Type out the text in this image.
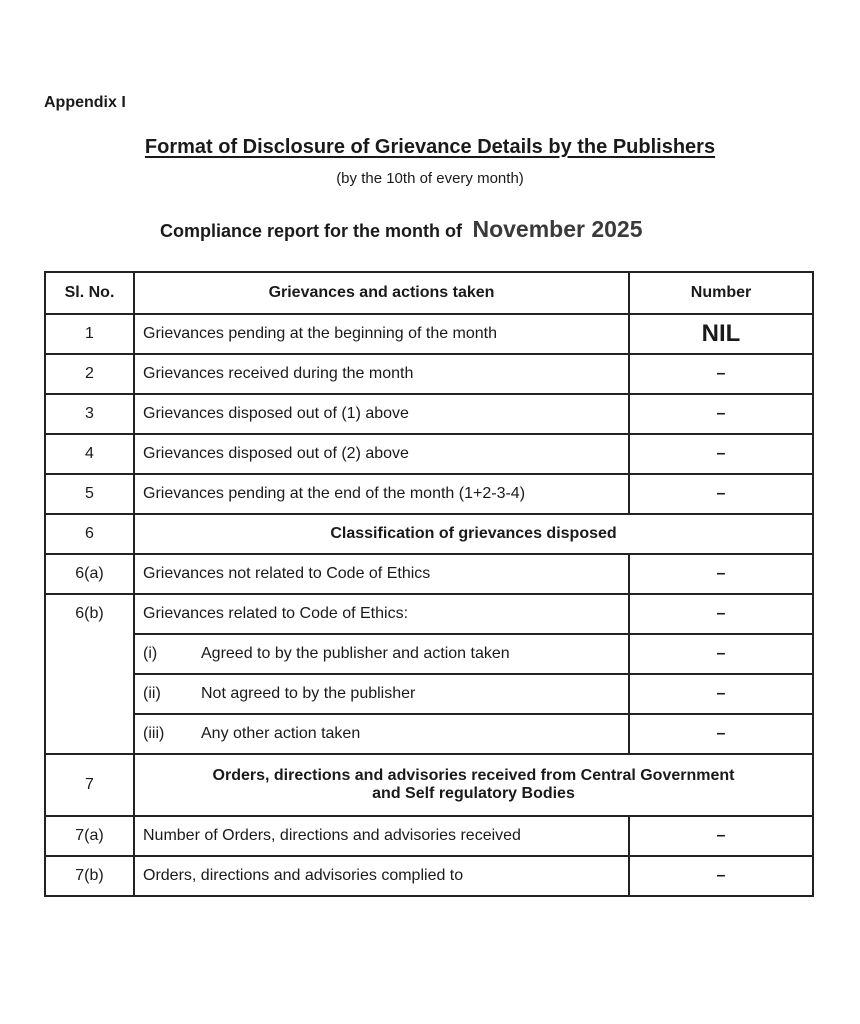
Appendix I
Format of Disclosure of Grievance Details by the Publishers
(by the 10th of every month)
Compliance report for the month of November 2025
Sl. No.	Grievances and actions taken	Number
1	Grievances pending at the beginning of the month	NIL
2	Grievances received during the month	–
3	Grievances disposed out of (1) above	–
4	Grievances disposed out of (2) above	–
5	Grievances pending at the end of the month (1+2-3-4)	–
6	Classification of grievances disposed	
6(a)	Grievances not related to Code of Ethics	–
6(b)	Grievances related to Code of Ethics:	–
	(i) Agreed to by the publisher and action taken	–
	(ii) Not agreed to by the publisher	–
	(iii) Any other action taken	–
7	Orders, directions and advisories received from Central Government
and Self regulatory Bodies	

7(a)	Number of Orders, directions and advisories received	–
7(b)	Orders, directions and advisories complied to	–
